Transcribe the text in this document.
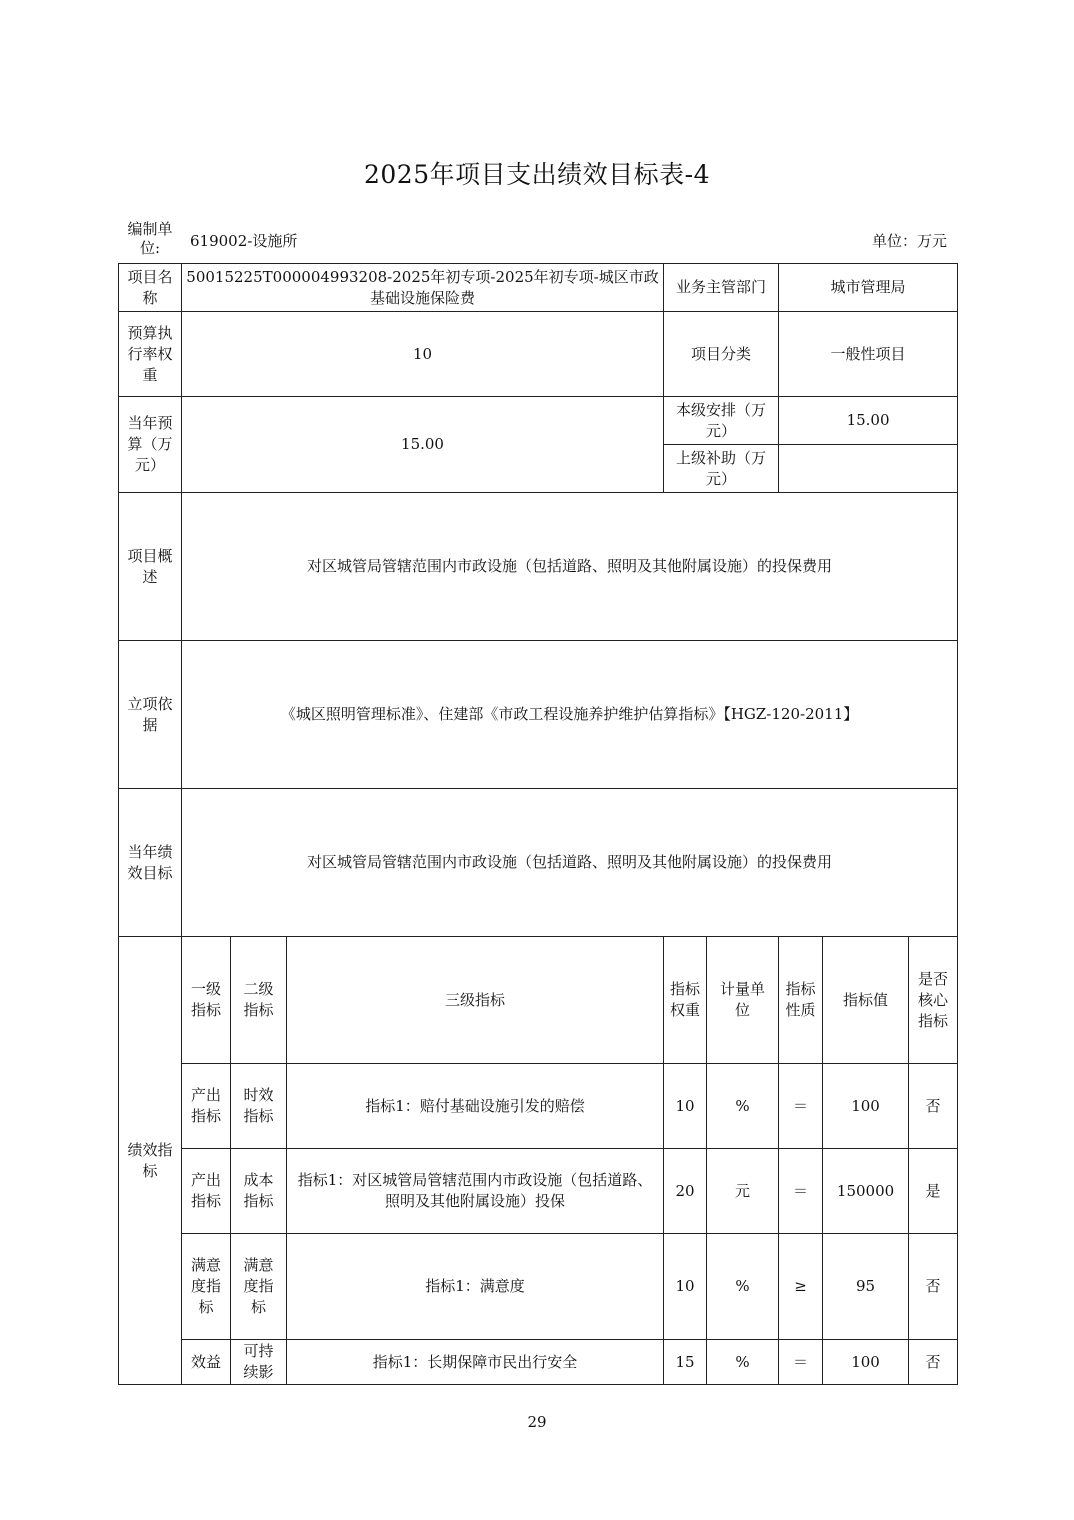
2025年项目支出绩效目标表-4
编制单位:	619002-设施所	单位：万元
项目名称	50015225T000004993208-2025年初专项-2025年初专项-城区市政基础设施保险费			业务主管部门		城市管理局		
预算执行率权重	10			项目分类		一般性项目		
当年预算（万元）	15.00			本级安排（万元）		15.00		
				上级补助（万元）				
项目概述	对区城管局管辖范围内市政设施（包括道路、照明及其他附属设施）的投保费用							
立项依据	《城区照明管理标准》、住建部《市政工程设施养护维护估算指标》【HGZ-120-2011】							
当年绩效目标	对区城管局管辖范围内市政设施（包括道路、照明及其他附属设施）的投保费用							
绩效指标	一级指标	二级指标	三级指标	指标权重	计量单位	指标性质	指标值	是否核心指标
	产出指标	时效指标	指标1：赔付基础设施引发的赔偿	10	%	＝	100	否
	产出指标	成本指标	指标1：对区城管局管辖范围内市政设施（包括道路、照明及其他附属设施）投保	20	元	＝	150000	是
	满意度指标	满意度指标	指标1：满意度	10	%	≥	95	否
	效益	可持续影	指标1：长期保障市民出行安全	15	%	＝	100	否
29
